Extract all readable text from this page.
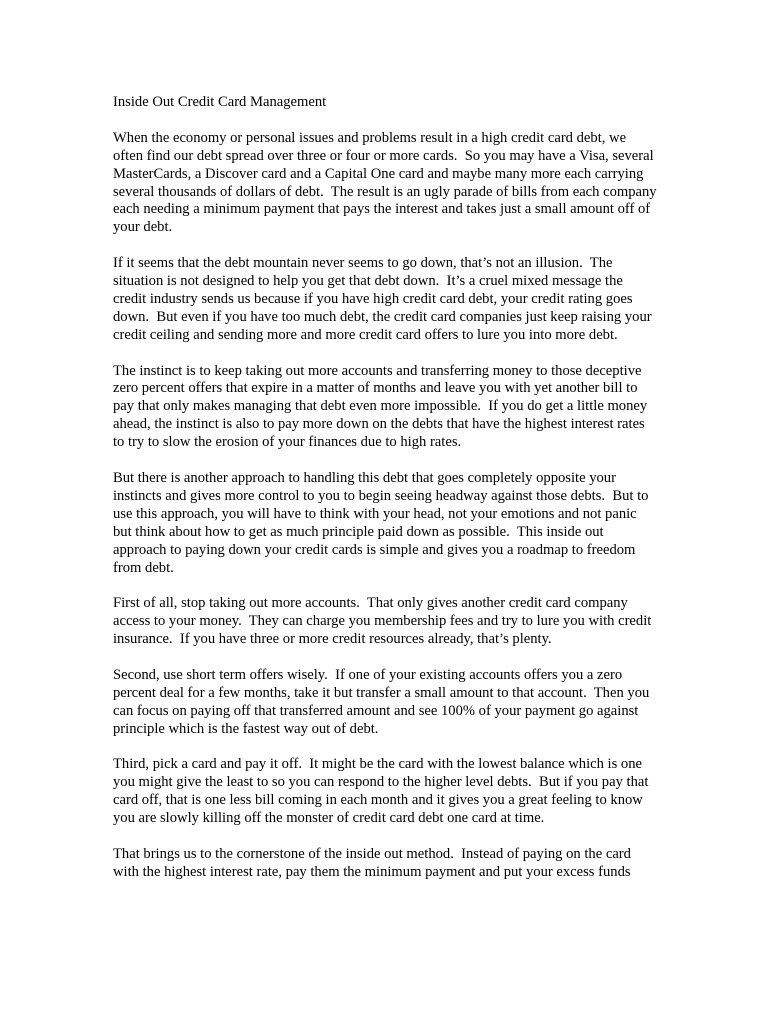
Inside Out Credit Card Management

When the economy or personal issues and problems result in a high credit card debt, we often find our debt spread over three or four or more cards.  So you may have a Visa, several MasterCards, a Discover card and a Capital One card and maybe many more each carrying several thousands of dollars of debt.  The result is an ugly parade of bills from each company each needing a minimum payment that pays the interest and takes just a small amount off of your debt.

If it seems that the debt mountain never seems to go down, that’s not an illusion.  The situation is not designed to help you get that debt down.  It’s a cruel mixed message the credit industry sends us because if you have high credit card debt, your credit rating goes down.  But even if you have too much debt, the credit card companies just keep raising your credit ceiling and sending more and more credit card offers to lure you into more debt.

The instinct is to keep taking out more accounts and transferring money to those deceptive zero percent offers that expire in a matter of months and leave you with yet another bill to pay that only makes managing that debt even more impossible.  If you do get a little money ahead, the instinct is also to pay more down on the debts that have the highest interest rates to try to slow the erosion of your finances due to high rates.

But there is another approach to handling this debt that goes completely opposite your instincts and gives more control to you to begin seeing headway against those debts.  But to use this approach, you will have to think with your head, not your emotions and not panic but think about how to get as much principle paid down as possible.  This inside out approach to paying down your credit cards is simple and gives you a roadmap to freedom from debt.

First of all, stop taking out more accounts.  That only gives another credit card company access to your money.  They can charge you membership fees and try to lure you with credit insurance.  If you have three or more credit resources already, that’s plenty.

Second, use short term offers wisely.  If one of your existing accounts offers you a zero percent deal for a few months, take it but transfer a small amount to that account.  Then you can focus on paying off that transferred amount and see 100% of your payment go against principle which is the fastest way out of debt.

Third, pick a card and pay it off.  It might be the card with the lowest balance which is one you might give the least to so you can respond to the higher level debts.  But if you pay that card off, that is one less bill coming in each month and it gives you a great feeling to know you are slowly killing off the monster of credit card debt one card at time.

That brings us to the cornerstone of the inside out method.  Instead of paying on the card with the highest interest rate, pay them the minimum payment and put your excess funds
